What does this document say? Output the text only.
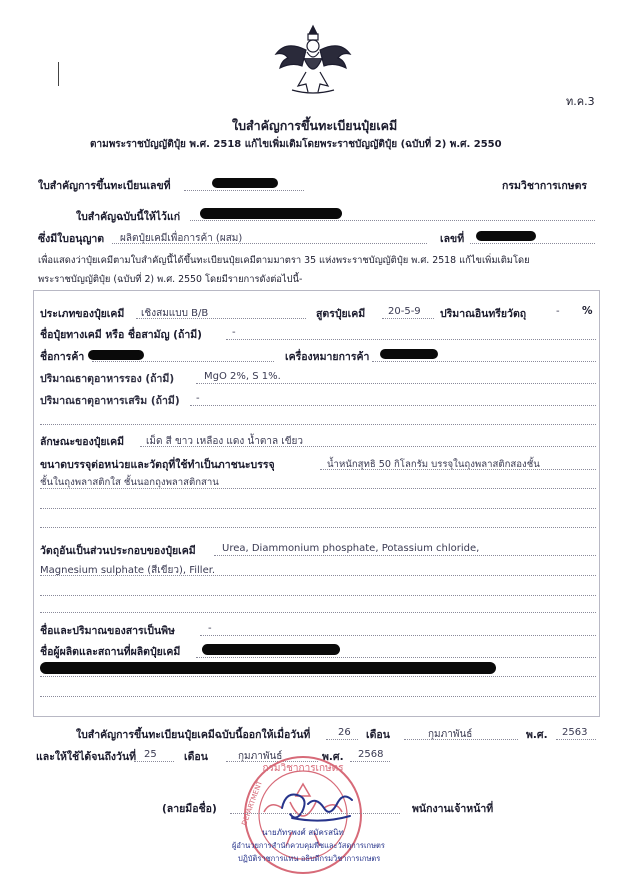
ท.ค.3
ใบสำคัญการขึ้นทะเบียนปุ๋ยเคมี
ตามพระราชบัญญัติปุ๋ย พ.ศ. 2518 แก้ไขเพิ่มเติมโดยพระราชบัญญัติปุ๋ย (ฉบับที่ 2) พ.ศ. 2550
ใบสำคัญการขึ้นทะเบียนเลขที่	กรมวิชาการเกษตร
ใบสำคัญฉบับนี้ให้ไว้แก่
ซึ่งมีใบอนุญาต ผลิตปุ๋ยเคมีเพื่อการค้า (ผสม)	เลขที่
เพื่อแสดงว่าปุ๋ยเคมีตามใบสำคัญนี้ได้ขึ้นทะเบียนปุ๋ยเคมีตามมาตรา 35 แห่งพระราชบัญญัติปุ๋ย พ.ศ. 2518 แก้ไขเพิ่มเติมโดย
พระราชบัญญัติปุ๋ย (ฉบับที่ 2) พ.ศ. 2550 โดยมีรายการดังต่อไปนี้-
ประเภทของปุ๋ยเคมี เชิงสมแบบ B/B	สูตรปุ๋ยเคมี 20-5-9 ปริมาณอินทรียวัตถุ	- %
ชื่อปุ๋ยทางเคมี หรือ ชื่อสามัญ (ถ้ามี)	-
ชื่อการค้า	เครื่องหมายการค้า
ปริมาณธาตุอาหารรอง (ถ้ามี)	MgO 2%, S 1%.
ปริมาณธาตุอาหารเสริม (ถ้ามี) -
ลักษณะของปุ๋ยเคมี เม็ด สี ขาว เหลือง แดง น้ำตาล เขียว
ขนาดบรรจุต่อหน่วยและวัตถุที่ใช้ทำเป็นภาชนะบรรจุ	น้ำหนักสุทธิ 50 กิโลกรัม บรรจุในถุงพลาสติกสองชั้น
ชั้นในถุงพลาสติกใส ชั้นนอกถุงพลาสติกสาน
วัตถุอันเป็นส่วนประกอบของปุ๋ยเคมี	Urea, Diammonium phosphate, Potassium chloride,
Magnesium sulphate (สีเขียว), Filler.
ชื่อและปริมาณของสารเป็นพิษ	-
ชื่อผู้ผลิตและสถานที่ผลิตปุ๋ยเคมี
ใบสำคัญการขึ้นทะเบียนปุ๋ยเคมีฉบับนี้ออกให้เมื่อวันที่	26 เดือน	กุมภาพันธ์	พ.ศ. 2563
และให้ใช้ได้จนถึงวันที่ 25	เดือน	กุมภาพันธ์	พ.ศ. 2568
กรมวิชาการเกษตร
DEPARTMENT
(ลายมือชื่อ)	พนักงานเจ้าหน้าที่
นายภัทรพงศ์ สมัครสนิท
ผู้อำนวยการสำนักควบคุมพืชและวัสดุการเกษตร
ปฏิบัติราชการแทน อธิบดีกรมวิชาการเกษตร
